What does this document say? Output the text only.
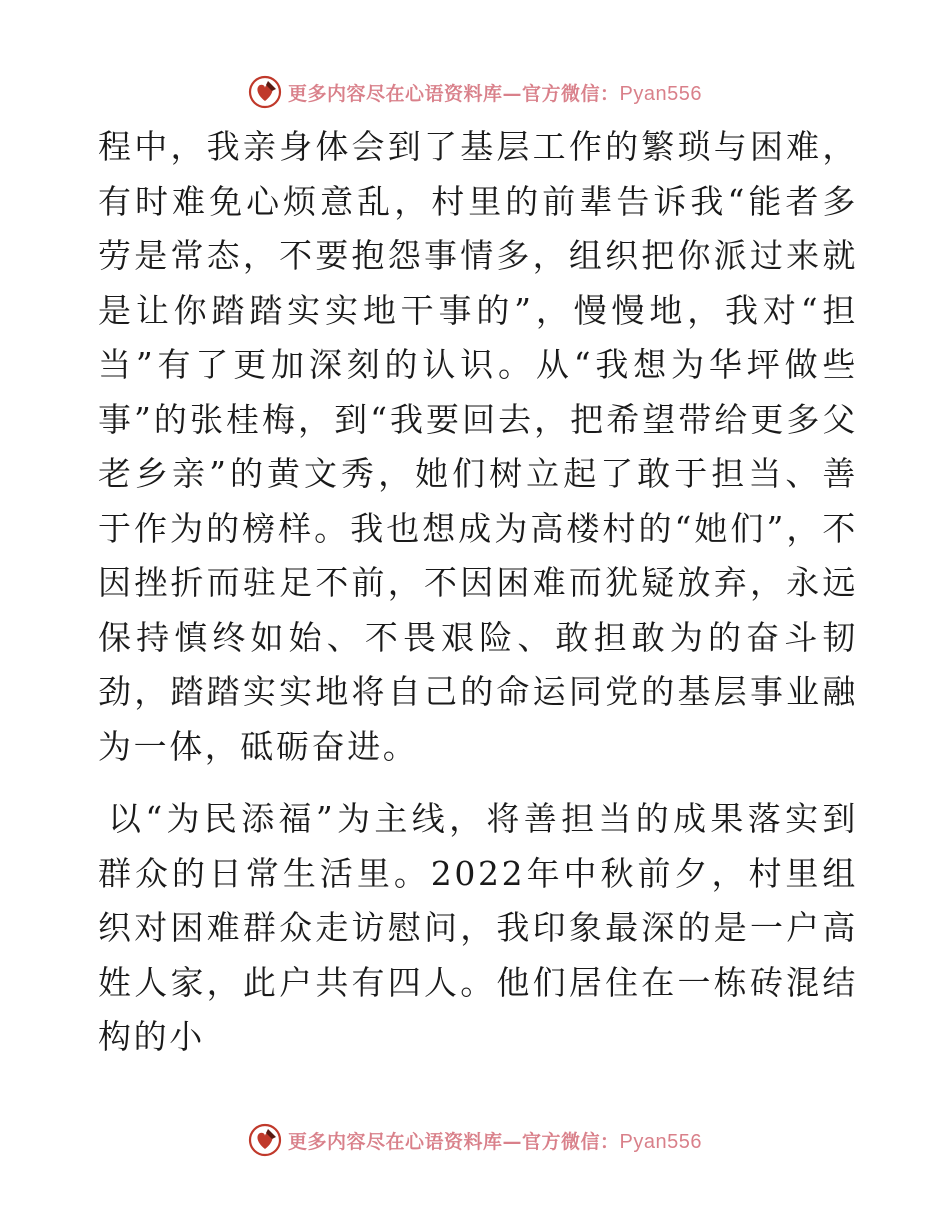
更多内容尽在心语资料库—官方微信：Pyan556

程中，我亲身体会到了基层工作的繁琐与困难，有时难免心烦意乱，村里的前辈告诉我“能者多劳是常态，不要抱怨事情多，组织把你派过来就是让你踏踏实实地干事的”，慢慢地，我对“担当”有了更加深刻的认识。从“我想为华坪做些事”的张桂梅，到“我要回去，把希望带给更多父老乡亲”的黄文秀，她们树立起了敢于担当、善于作为的榜样。我也想成为高楼村的“她们”，不因挫折而驻足不前，不因困难而犹疑放弃，永远保持慎终如始、不畏艰险、敢担敢为的奋斗韧劲，踏踏实实地将自己的命运同党的基层事业融为一体，砥砺奋进。

以“为民添福”为主线，将善担当的成果落实到群众的日常生活里。2022年中秋前夕，村里组织对困难群众走访慰问，我印象最深的是一户高姓人家，此户共有四人。他们居住在一栋砖混结构的小

更多内容尽在心语资料库—官方微信：Pyan556
